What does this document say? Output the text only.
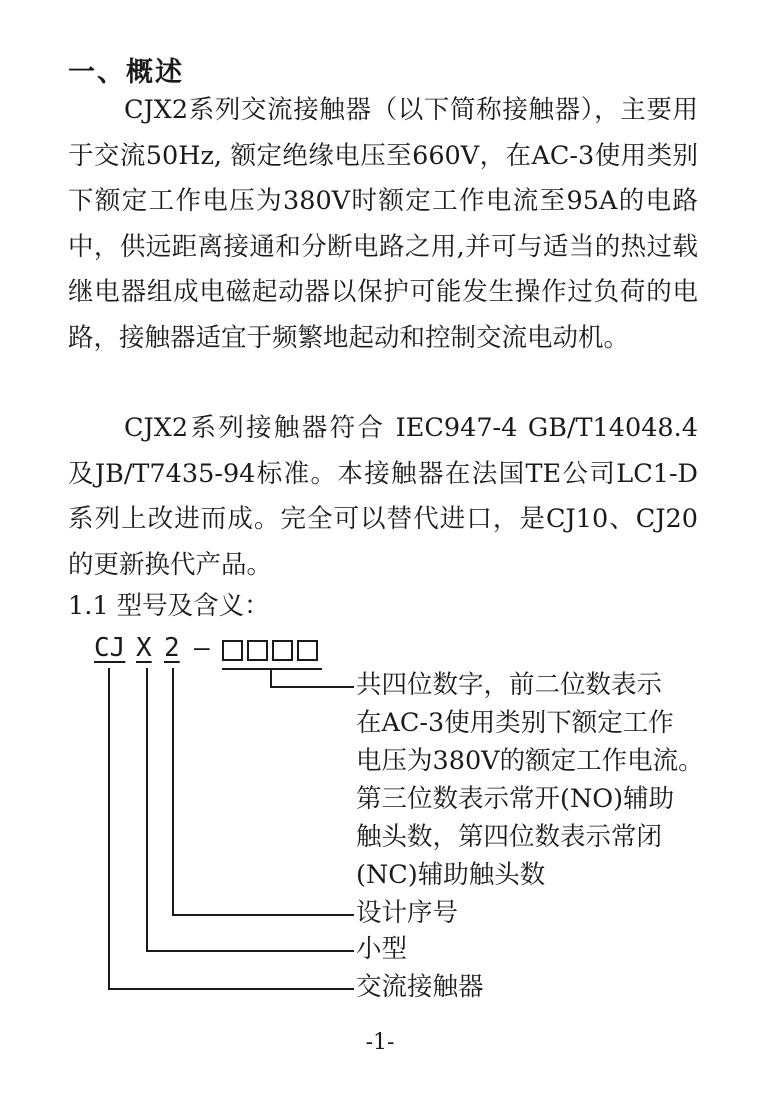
一、概述

CJX2系列交流接触器（以下简称接触器），主要用于交流50Hz, 额定绝缘电压至660V，在AC-3使用类别下额定工作电压为380V时额定工作电流至95A的电路中，供远距离接通和分断电路之用,并可与适当的热过载继电器组成电磁起动器以保护可能发生操作过负荷的电路，接触器适宜于频繁地起动和控制交流电动机。

CJX2系列接触器符合 IEC947-4 GB/T14048.4 及JB/T7435-94标准。本接触器在法国TE公司LC1-D系列上改进而成。完全可以替代进口，是CJ10、CJ20的更新换代产品。

1.1 型号及含义：
CJ X 2 —
共四位数字，前二位数表示
在AC-3使用类别下额定工作
电压为380V的额定工作电流。
第三位数表示常开(NO)辅助
触头数，第四位数表示常闭
(NC)辅助触头数
设计序号
小型
交流接触器
-1-
